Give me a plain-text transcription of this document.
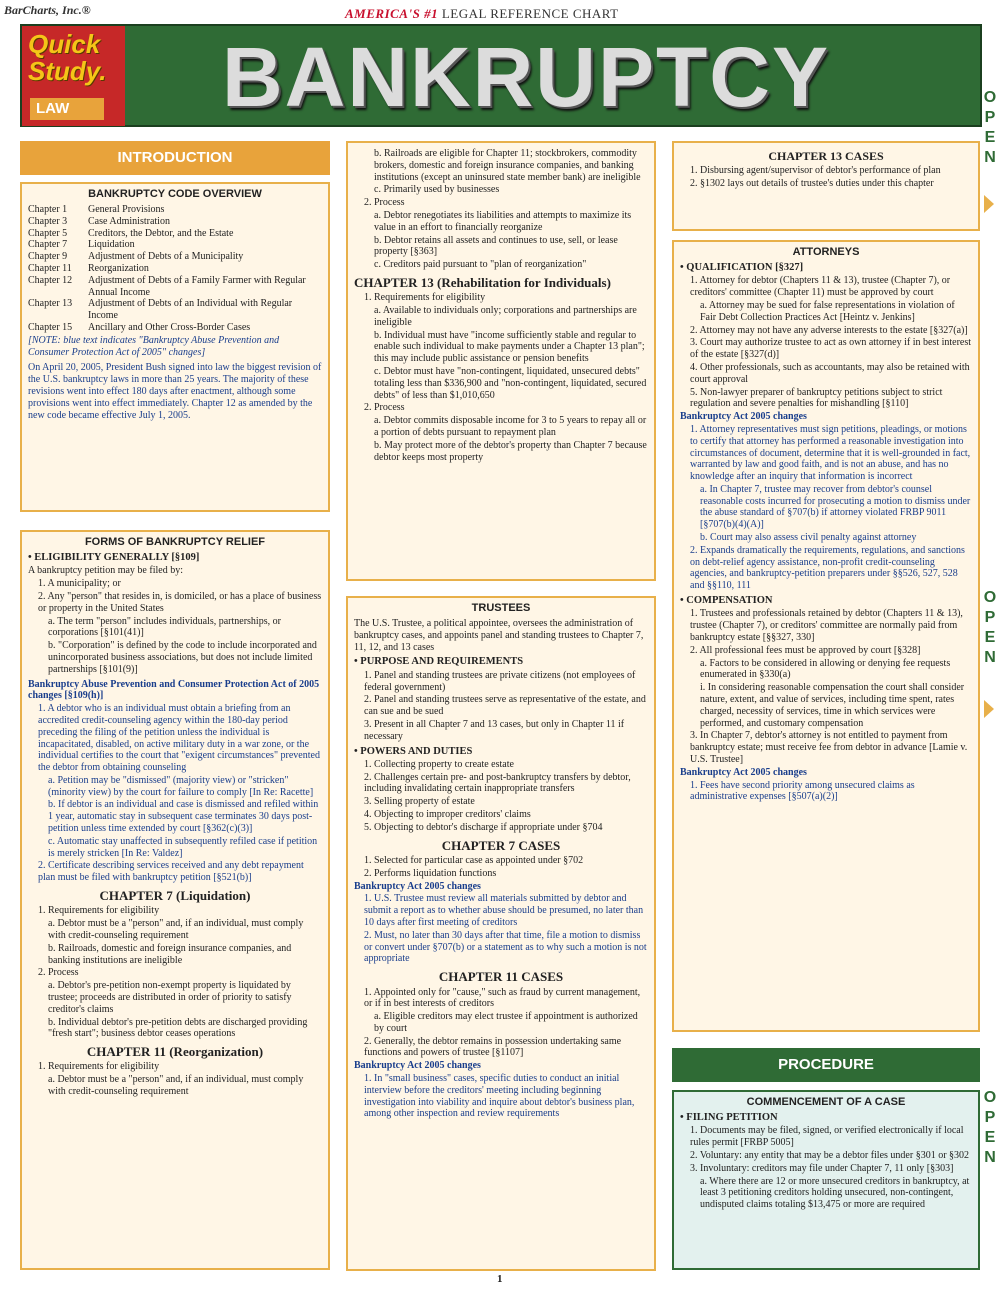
BarCharts, Inc.®	AMERICA'S #1 LEGAL REFERENCE CHART
Quick
Study.
LAW	BANKRUPTCY	O
P
E
N
O
P
E
N
O
P
E
N
INTRODUCTION
BANKRUPTCY CODE OVERVIEW
Chapter 1	General Provisions
Chapter 3	Case Administration
Chapter 5	Creditors, the Debtor, and the Estate
Chapter 7	Liquidation
Chapter 9	Adjustment of Debts of a Municipality
Chapter 11	Reorganization
Chapter 12	Adjustment of Debts of a Family Farmer with Regular Annual Income
Chapter 13	Adjustment of Debts of an Individual with Regular Income
Chapter 15	Ancillary and Other Cross-Border Cases

[NOTE: blue text indicates "Bankruptcy Abuse Prevention and Consumer Protection Act of 2005" changes]

On April 20, 2005, President Bush signed into law the biggest revision of the U.S. bankruptcy laws in more than 25 years. The majority of these revisions went into effect 180 days after enactment, although some provisions went into effect immediately. Chapter 12 as amended by the new code became effective July 1, 2005.

FORMS OF BANKRUPTCY RELIEF

• ELIGIBILITY GENERALLY [§109]

A bankruptcy petition may be filed by:

1. A municipality; or

2. Any "person" that resides in, is domiciled, or has a place of business or property in the United States

a. The term "person" includes individuals, partnerships, or corporations [§101(41)]

b. "Corporation" is defined by the code to include incorporated and unincorporated business associations, but does not include limited partnerships [§101(9)]

Bankruptcy Abuse Prevention and Consumer Protection Act of 2005 changes [§109(h)]

1. A debtor who is an individual must obtain a briefing from an accredited credit-counseling agency within the 180-day period preceding the filing of the petition unless the individual is incapacitated, disabled, on active military duty in a war zone, or the individual certifies to the court that "exigent circumstances" prevented the debtor from obtaining counseling

a. Petition may be "dismissed" (majority view) or "stricken" (minority view) by the court for failure to comply [In Re: Racette]

b. If debtor is an individual and case is dismissed and refiled within 1 year, automatic stay in subsequent case terminates 30 days post-petition unless time extended by court [§362(c)(3)]

c. Automatic stay unaffected in subsequently refiled case if petition is merely stricken [In Re: Valdez]

2. Certificate describing services received and any debt repayment plan must be filed with bankruptcy petition [§521(b)]

CHAPTER 7 (Liquidation)

1. Requirements for eligibility

a. Debtor must be a "person" and, if an individual, must comply with credit-counseling requirement

b. Railroads, domestic and foreign insurance companies, and banking institutions are ineligible

2. Process

a. Debtor's pre-petition non-exempt property is liquidated by trustee; proceeds are distributed in order of priority to satisfy creditor's claims

b. Individual debtor's pre-petition debts are discharged providing "fresh start"; business debtor ceases operations

CHAPTER 11 (Reorganization)

1. Requirements for eligibility

a. Debtor must be a "person" and, if an individual, must comply with credit-counseling requirement

b. Railroads are eligible for Chapter 11; stockbrokers, commodity brokers, domestic and foreign insurance companies, and banking institutions (except an uninsured state member bank) are ineligible

c. Primarily used by businesses

2. Process

a. Debtor renegotiates its liabilities and attempts to maximize its value in an effort to financially reorganize

b. Debtor retains all assets and continues to use, sell, or lease property [§363]

c. Creditors paid pursuant to "plan of reorganization"

CHAPTER 13 (Rehabilitation for Individuals)

1. Requirements for eligibility

a. Available to individuals only; corporations and partnerships are ineligible

b. Individual must have "income sufficiently stable and regular to enable such individual to make payments under a Chapter 13 plan"; this may include public assistance or pension benefits

c. Debtor must have "non-contingent, liquidated, unsecured debts" totaling less than $336,900 and "non-contingent, liquidated, secured debts" of less than $1,010,650

2. Process

a. Debtor commits disposable income for 3 to 5 years to repay all or a portion of debts pursuant to repayment plan

b. May protect more of the debtor's property than Chapter 7 because debtor keeps most property

TRUSTEES

The U.S. Trustee, a political appointee, oversees the administration of bankruptcy cases, and appoints panel and standing trustees to Chapter 7, 11, 12, and 13 cases

• PURPOSE AND REQUIREMENTS

1. Panel and standing trustees are private citizens (not employees of federal government)

2. Panel and standing trustees serve as representative of the estate, and can sue and be sued

3. Present in all Chapter 7 and 13 cases, but only in Chapter 11 if necessary

• POWERS AND DUTIES

1. Collecting property to create estate

2. Challenges certain pre- and post-bankruptcy transfers by debtor, including invalidating certain inappropriate transfers

3. Selling property of estate

4. Objecting to improper creditors' claims

5. Objecting to debtor's discharge if appropriate under §704

CHAPTER 7 CASES

1. Selected for particular case as appointed under §702

2. Performs liquidation functions

Bankruptcy Act 2005 changes

1. U.S. Trustee must review all materials submitted by debtor and submit a report as to whether abuse should be presumed, no later than 10 days after first meeting of creditors

2. Must, no later than 30 days after that time, file a motion to dismiss or convert under §707(b) or a statement as to why such a motion is not appropriate

CHAPTER 11 CASES

1. Appointed only for "cause," such as fraud by current management, or if in best interests of creditors

a. Eligible creditors may elect trustee if appointment is authorized by court

2. Generally, the debtor remains in possession undertaking same functions and powers of trustee [§1107]

Bankruptcy Act 2005 changes

1. In "small business" cases, specific duties to conduct an initial interview before the creditors' meeting including beginning investigation into viability and inquire about debtor's business plan, among other inspection and review requirements

CHAPTER 13 CASES

1. Disbursing agent/supervisor of debtor's performance of plan

2. §1302 lays out details of trustee's duties under this chapter

ATTORNEYS

• QUALIFICATION [§327]

1. Attorney for debtor (Chapters 11 & 13), trustee (Chapter 7), or creditors' committee (Chapter 11) must be approved by court

a. Attorney may be sued for false representations in violation of Fair Debt Collection Practices Act [Heintz v. Jenkins]

2. Attorney may not have any adverse interests to the estate [§327(a)]

3. Court may authorize trustee to act as own attorney if in best interest of the estate [§327(d)]

4. Other professionals, such as accountants, may also be retained with court approval

5. Non-lawyer preparer of bankruptcy petitions subject to strict regulation and severe penalties for mishandling [§110]

Bankruptcy Act 2005 changes

1. Attorney representatives must sign petitions, pleadings, or motions to certify that attorney has performed a reasonable investigation into circumstances of document, determine that it is well-grounded in fact, warranted by law and good faith, and is not an abuse, and has no knowledge after an inquiry that information is incorrect

a. In Chapter 7, trustee may recover from debtor's counsel reasonable costs incurred for prosecuting a motion to dismiss under the abuse standard of §707(b) if attorney violated FRBP 9011 [§707(b)(4)(A)]

b. Court may also assess civil penalty against attorney

2. Expands dramatically the requirements, regulations, and sanctions on debt-relief agency assistance, non-profit credit-counseling agencies, and bankruptcy-petition preparers under §§526, 527, 528 and §§110, 111

• COMPENSATION

1. Trustees and professionals retained by debtor (Chapters 11 & 13), trustee (Chapter 7), or creditors' committee are normally paid from bankruptcy estate [§§327, 330]

2. All professional fees must be approved by court [§328]

a. Factors to be considered in allowing or denying fee requests enumerated in §330(a)

i. In considering reasonable compensation the court shall consider nature, extent, and value of services, including time spent, rates charged, necessity of services, time in which services were performed, and customary compensation

3. In Chapter 7, debtor's attorney is not entitled to payment from bankruptcy estate; must receive fee from debtor in advance [Lamie v. U.S. Trustee]

Bankruptcy Act 2005 changes

1. Fees have second priority among unsecured claims as administrative expenses [§507(a)(2)]

PROCEDURE
COMMENCEMENT OF A CASE

• FILING PETITION

1. Documents may be filed, signed, or verified electronically if local rules permit [FRBP 5005]

2. Voluntary: any entity that may be a debtor files under §301 or §302

3. Involuntary: creditors may file under Chapter 7, 11 only [§303]

a. Where there are 12 or more unsecured creditors in bankruptcy, at least 3 petitioning creditors holding unsecured, non-contingent, undisputed claims totaling $13,475 or more are required

1
